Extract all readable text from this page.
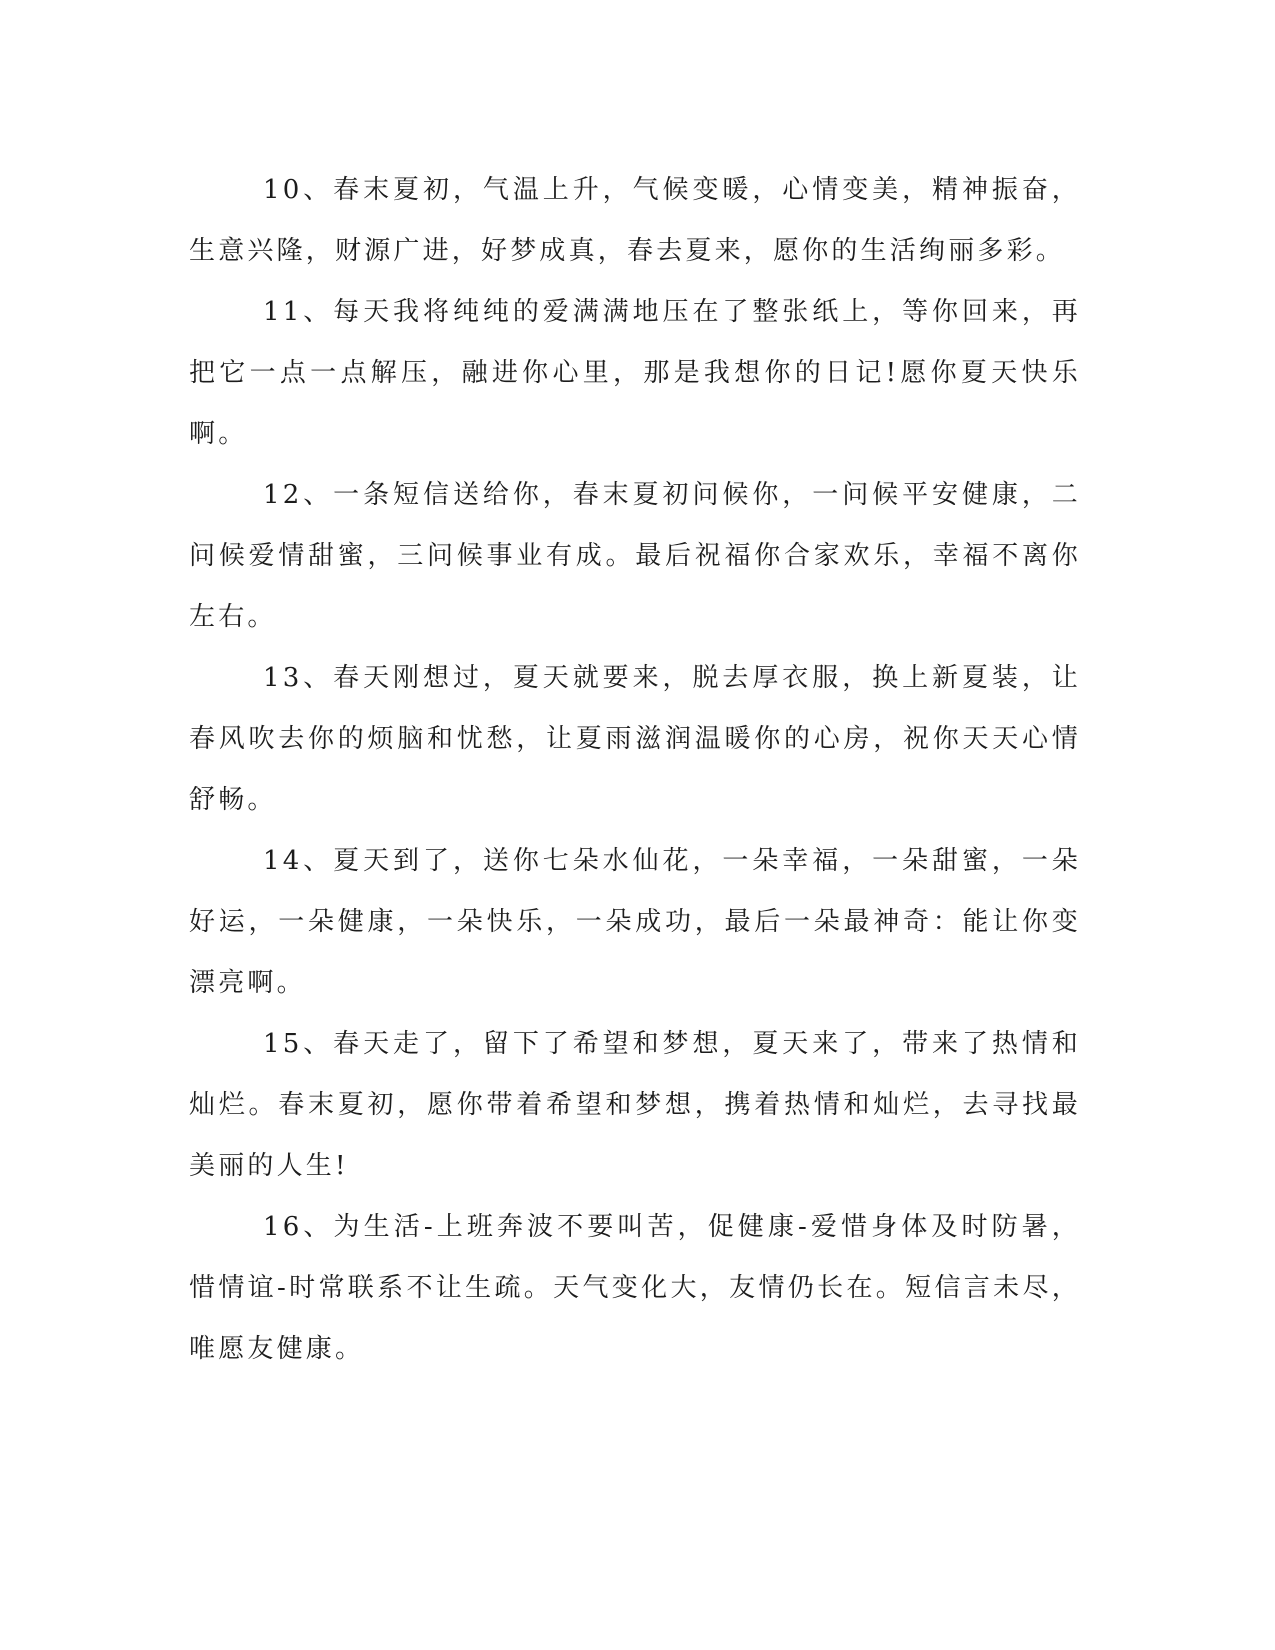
10、春末夏初，气温上升，气候变暖，心情变美，精神振奋，生意兴隆，财源广进，好梦成真，春去夏来，愿你的生活绚丽多彩。

11、每天我将纯纯的爱满满地压在了整张纸上，等你回来，再把它一点一点解压，融进你心里，那是我想你的日记!愿你夏天快乐啊。

12、一条短信送给你，春末夏初问候你，一问候平安健康，二问候爱情甜蜜，三问候事业有成。最后祝福你合家欢乐，幸福不离你左右。

13、春天刚想过，夏天就要来，脱去厚衣服，换上新夏装，让春风吹去你的烦脑和忧愁，让夏雨滋润温暖你的心房，祝你天天心情舒畅。

14、夏天到了，送你七朵水仙花，一朵幸福，一朵甜蜜，一朵好运，一朵健康，一朵快乐，一朵成功，最后一朵最神奇：能让你变漂亮啊。

15、春天走了，留下了希望和梦想，夏天来了，带来了热情和灿烂。春末夏初，愿你带着希望和梦想，携着热情和灿烂，去寻找最美丽的人生!

16、为生活-上班奔波不要叫苦，促健康-爱惜身体及时防暑，惜情谊-时常联系不让生疏。天气变化大，友情仍长在。短信言未尽，唯愿友健康。
